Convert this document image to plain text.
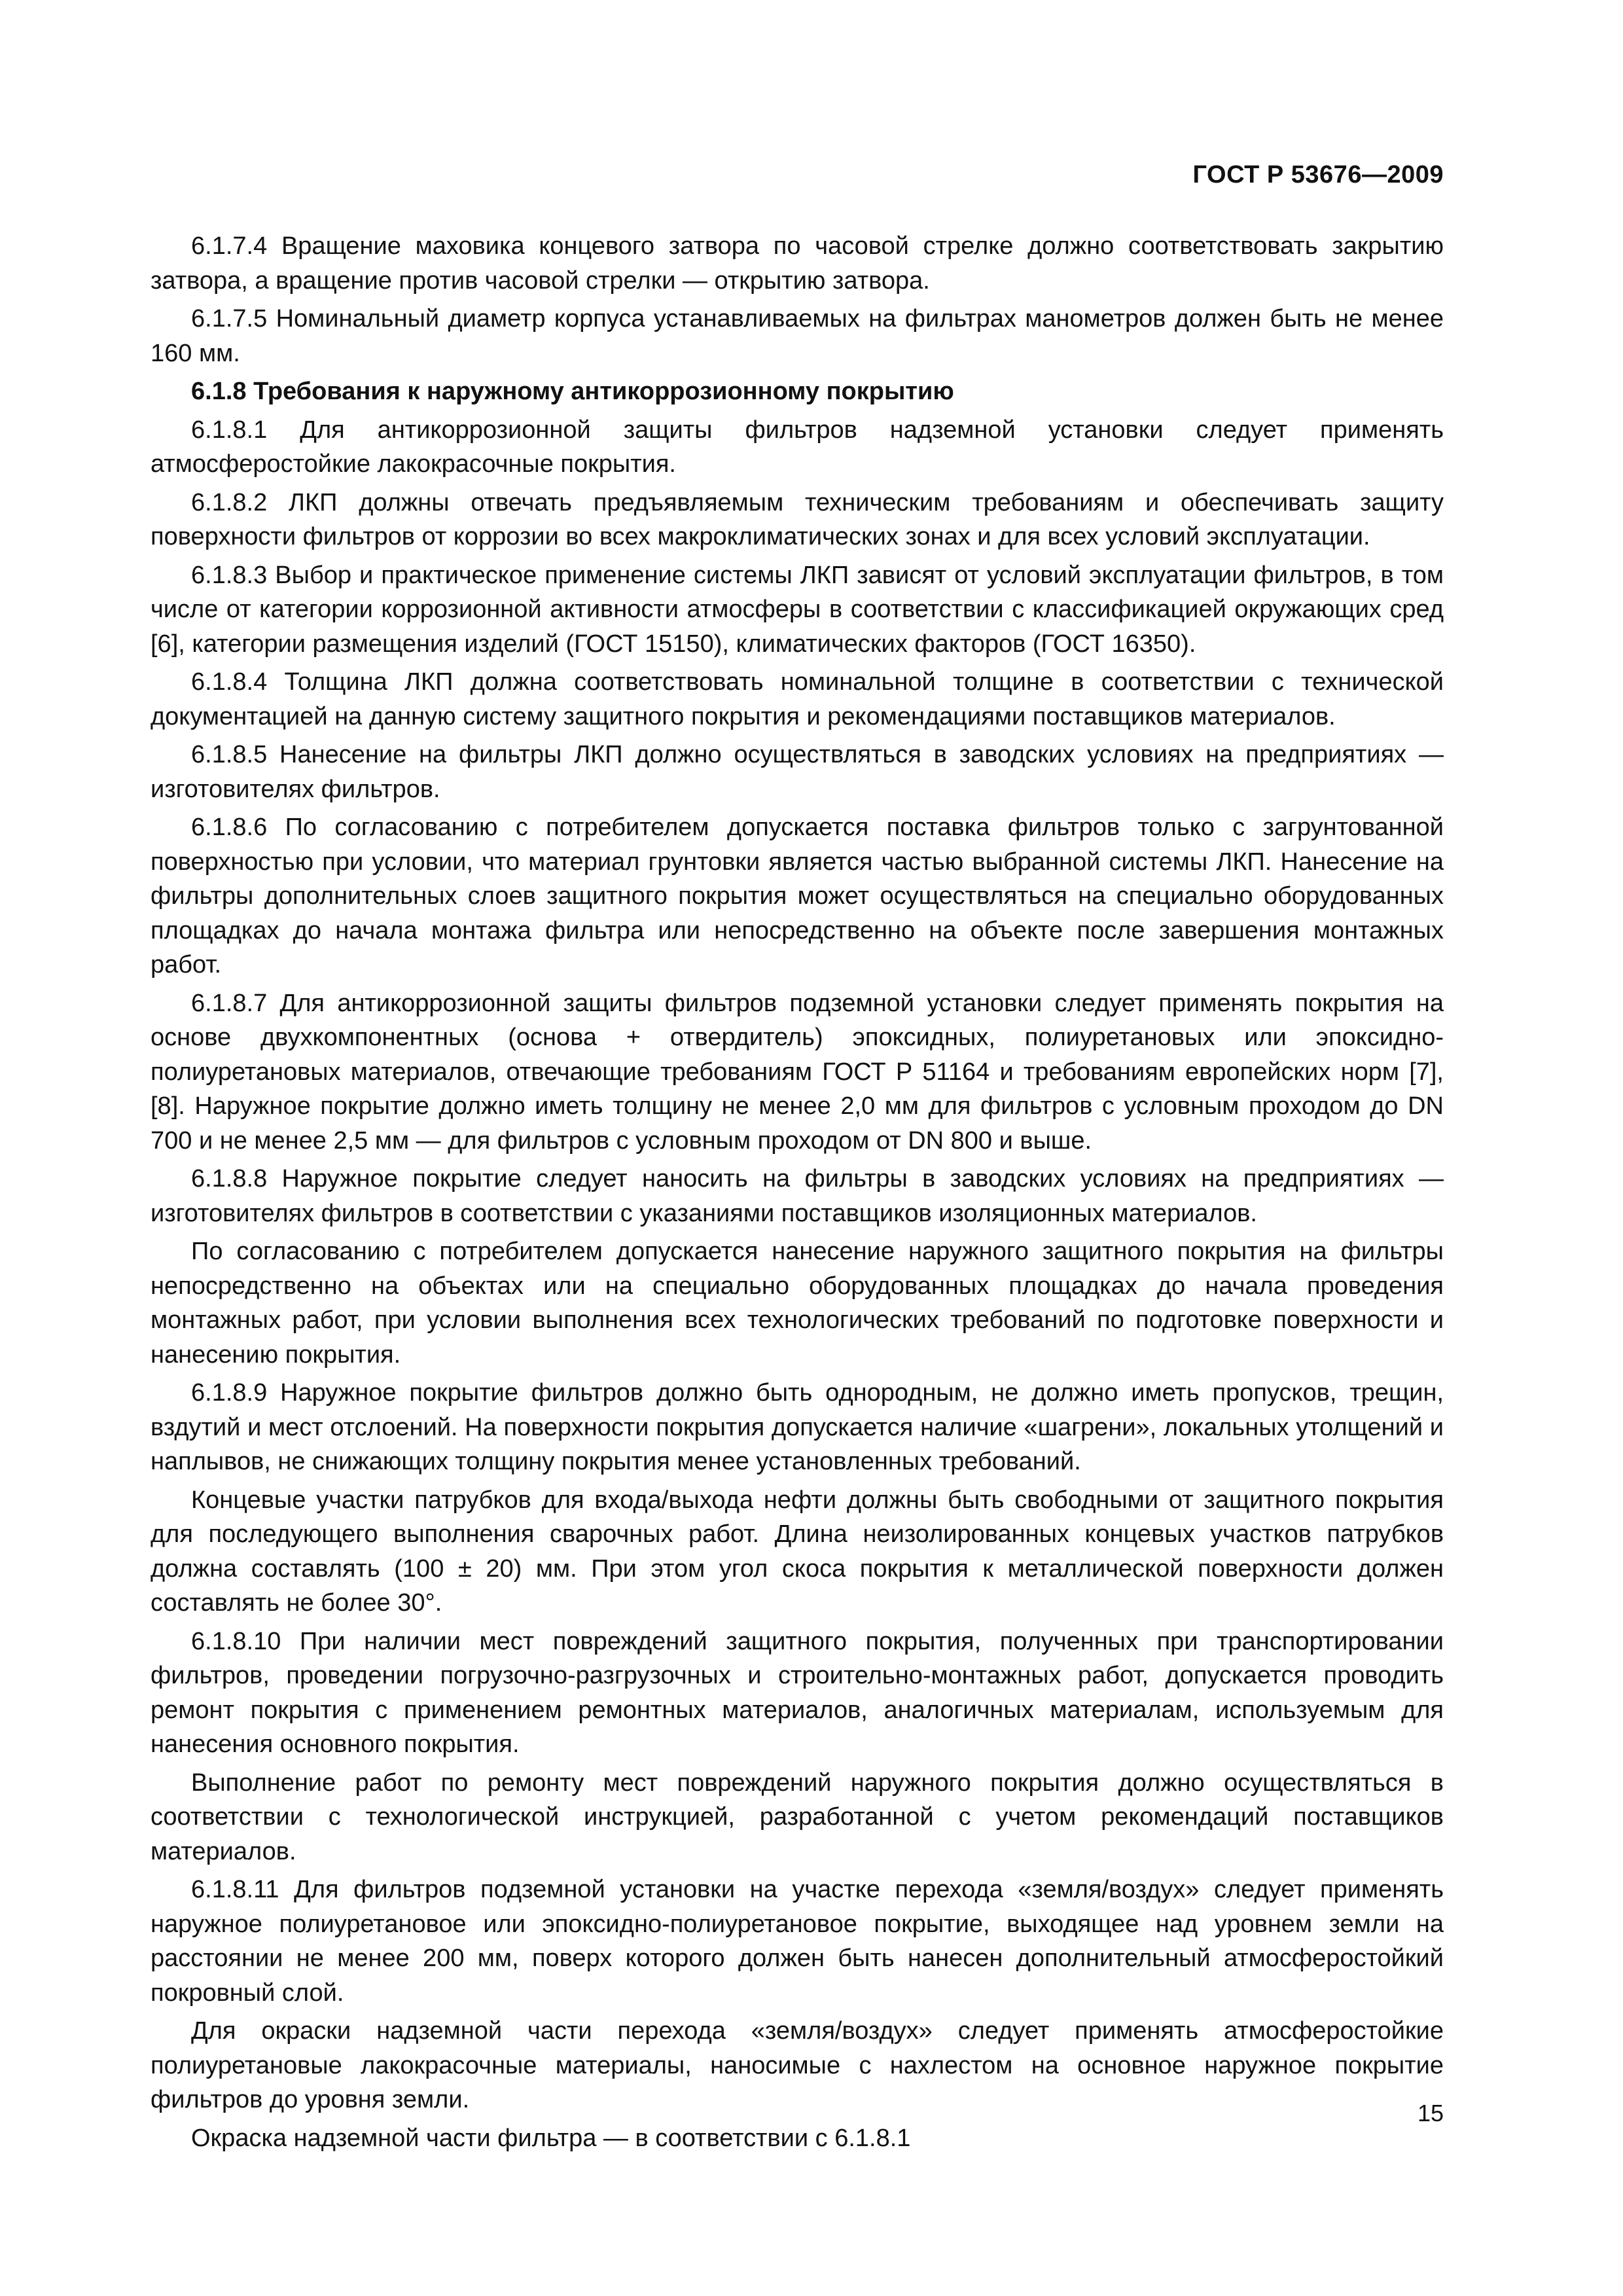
ГОСТ Р 53676—2009

6.1.7.4 Вращение маховика концевого затвора по часовой стрелке должно соответствовать закрытию затвора, а вращение против часовой стрелки — открытию затвора.

6.1.7.5 Номинальный диаметр корпуса устанавливаемых на фильтрах манометров должен быть не менее 160 мм.

6.1.8 Требования к наружному антикоррозионному покрытию

6.1.8.1 Для антикоррозионной защиты фильтров надземной установки следует применять атмосферостойкие лакокрасочные покрытия.

6.1.8.2 ЛКП должны отвечать предъявляемым техническим требованиям и обеспечивать защиту поверхности фильтров от коррозии во всех макроклиматических зонах и для всех условий эксплуатации.

6.1.8.3 Выбор и практическое применение системы ЛКП зависят от условий эксплуатации фильтров, в том числе от категории коррозионной активности атмосферы в соответствии с классификацией окружающих сред [6], категории размещения изделий (ГОСТ 15150), климатических факторов (ГОСТ 16350).

6.1.8.4 Толщина ЛКП должна соответствовать номинальной толщине в соответствии с технической документацией на данную систему защитного покрытия и рекомендациями поставщиков материалов.

6.1.8.5 Нанесение на фильтры ЛКП должно осуществляться в заводских условиях на предприятиях — изготовителях фильтров.

6.1.8.6 По согласованию с потребителем допускается поставка фильтров только с загрунтованной поверхностью при условии, что материал грунтовки является частью выбранной системы ЛКП. Нанесение на фильтры дополнительных слоев защитного покрытия может осуществляться на специально оборудованных площадках до начала монтажа фильтра или непосредственно на объекте после завершения монтажных работ.

6.1.8.7 Для антикоррозионной защиты фильтров подземной установки следует применять покрытия на основе двухкомпонентных (основа + отвердитель) эпоксидных, полиуретановых или эпоксидно-полиуретановых материалов, отвечающие требованиям ГОСТ Р 51164 и требованиям европейских норм [7], [8]. Наружное покрытие должно иметь толщину не менее 2,0 мм для фильтров с условным проходом до DN 700 и не менее 2,5 мм — для фильтров с условным проходом от DN 800 и выше.

6.1.8.8 Наружное покрытие следует наносить на фильтры в заводских условиях на предприятиях — изготовителях фильтров в соответствии с указаниями поставщиков изоляционных материалов.

По согласованию с потребителем допускается нанесение наружного защитного покрытия на фильтры непосредственно на объектах или на специально оборудованных площадках до начала проведения монтажных работ, при условии выполнения всех технологических требований по подготовке поверхности и нанесению покрытия.

6.1.8.9 Наружное покрытие фильтров должно быть однородным, не должно иметь пропусков, трещин, вздутий и мест отслоений. На поверхности покрытия допускается наличие «шагрени», локальных утолщений и наплывов, не снижающих толщину покрытия менее установленных требований.

Концевые участки патрубков для входа/выхода нефти должны быть свободными от защитного покрытия для последующего выполнения сварочных работ. Длина неизолированных концевых участков патрубков должна составлять (100 ± 20) мм. При этом угол скоса покрытия к металлической поверхности должен составлять не более 30°.

6.1.8.10 При наличии мест повреждений защитного покрытия, полученных при транспортировании фильтров, проведении погрузочно-разгрузочных и строительно-монтажных работ, допускается проводить ремонт покрытия с применением ремонтных материалов, аналогичных материалам, используемым для нанесения основного покрытия.

Выполнение работ по ремонту мест повреждений наружного покрытия должно осуществляться в соответствии с технологической инструкцией, разработанной с учетом рекомендаций поставщиков материалов.

6.1.8.11 Для фильтров подземной установки на участке перехода «земля/воздух» следует применять наружное полиуретановое или эпоксидно-полиуретановое покрытие, выходящее над уровнем земли на расстоянии не менее 200 мм, поверх которого должен быть нанесен дополнительный атмосферостойкий покровный слой.

Для окраски надземной части перехода «земля/воздух» следует применять атмосферостойкие полиуретановые лакокрасочные материалы, наносимые с нахлестом на основное наружное покрытие фильтров до уровня земли.

Окраска надземной части фильтра — в соответствии с 6.1.8.1

15
